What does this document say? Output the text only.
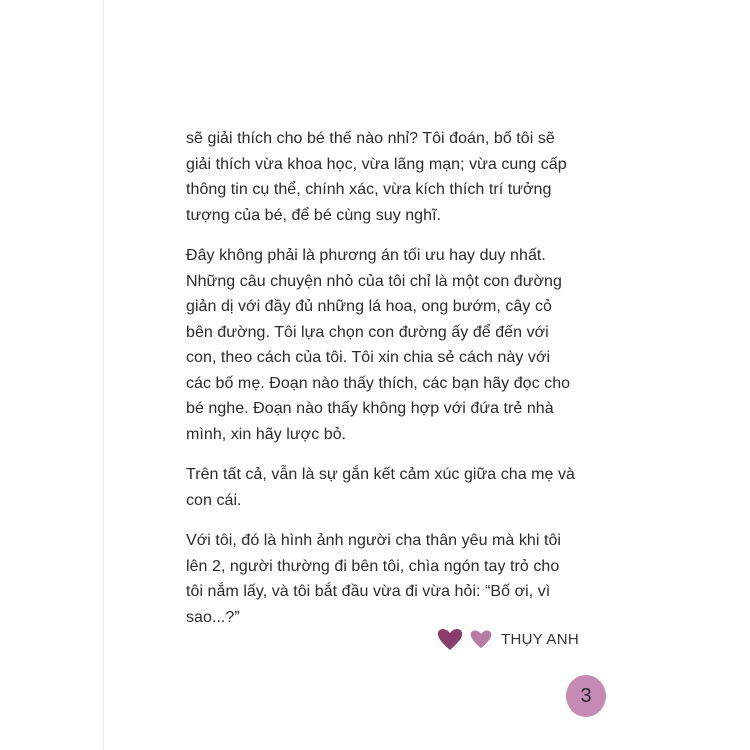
sẽ giải thích cho bé thế nào nhỉ? Tôi đoán, bố tôi sẽ
giải thích vừa khoa học, vừa lãng mạn; vừa cung cấp
thông tin cụ thể, chính xác, vừa kích thích trí tưởng
tượng của bé, để bé cùng suy nghĩ.

Đây không phải là phương án tối ưu hay duy nhất.
Những câu chuyện nhỏ của tôi chỉ là một con đường
giản dị với đầy đủ những lá hoa, ong bướm, cây cỏ
bên đường. Tôi lựa chọn con đường ấy để đến với
con, theo cách của tôi. Tôi xin chia sẻ cách này với
các bố mẹ. Đoạn nào thấy thích, các bạn hãy đọc cho
bé nghe. Đoạn nào thấy không hợp với đứa trẻ nhà
mình, xin hãy lược bỏ.

Trên tất cả, vẫn là sự gắn kết cảm xúc giữa cha mẹ và
con cái.

Với tôi, đó là hình ảnh người cha thân yêu mà khi tôi
lên 2, người thường đi bên tôi, chìa ngón tay trỏ cho
tôi nắm lấy, và tôi bắt đầu vừa đi vừa hỏi: “Bố ơi, vì
sao...?”

THỤY ANH
3
